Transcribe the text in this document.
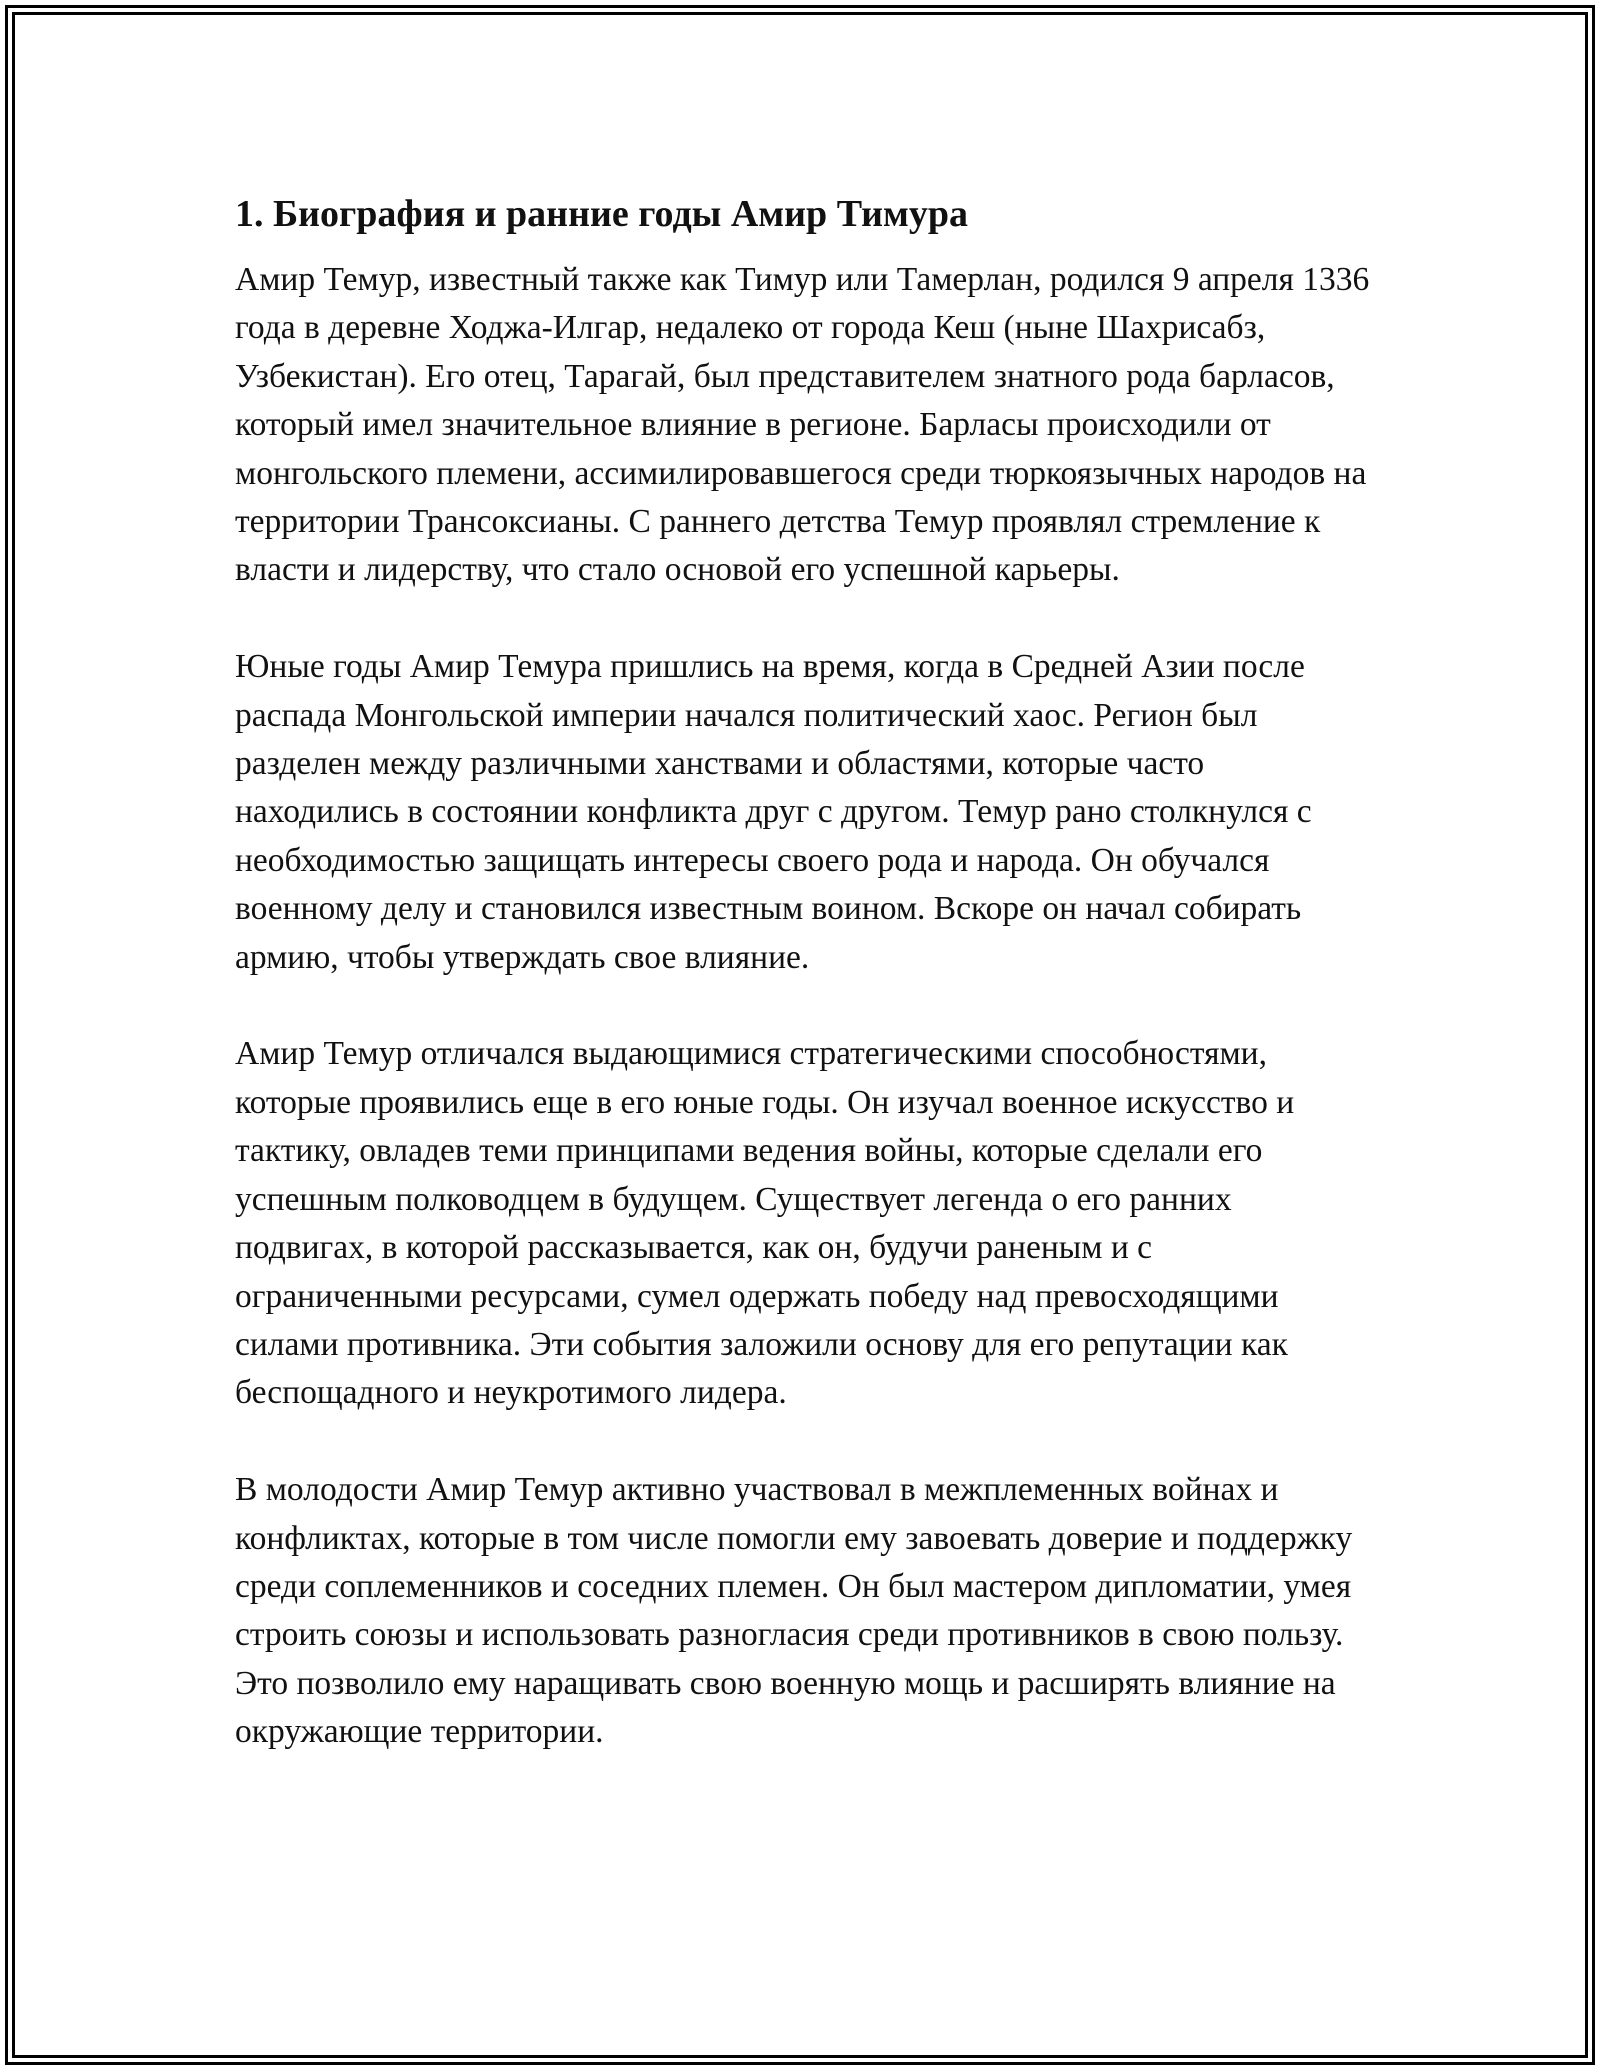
1. Биография и ранние годы Амир Тимура

Амир Темур, известный также как Тимур или Тамерлан, родился 9 апреля 1336 года в деревне Ходжа-Илгар, недалеко от города Кеш (ныне Шахрисабз, Узбекистан). Его отец, Тарагай, был представителем знатного рода барласов, который имел значительное влияние в регионе. Барласы происходили от монгольского племени, ассимилировавшегося среди тюркоязычных народов на территории Трансоксианы. С раннего детства Темур проявлял стремление к власти и лидерству, что стало основой его успешной карьеры.

Юные годы Амир Темура пришлись на время, когда в Средней Азии после распада Монгольской империи начался политический хаос. Регион был разделен между различными ханствами и областями, которые часто находились в состоянии конфликта друг с другом. Темур рано столкнулся с необходимостью защищать интересы своего рода и народа. Он обучался военному делу и становился известным воином. Вскоре он начал собирать армию, чтобы утверждать свое влияние.

Амир Темур отличался выдающимися стратегическими способностями, которые проявились еще в его юные годы. Он изучал военное искусство и тактику, овладев теми принципами ведения войны, которые сделали его успешным полководцем в будущем. Существует легенда о его ранних подвигах, в которой рассказывается, как он, будучи раненым и с ограниченными ресурсами, сумел одержать победу над превосходящими силами противника. Эти события заложили основу для его репутации как беспощадного и неукротимого лидера.

В молодости Амир Темур активно участвовал в межплеменных войнах и конфликтах, которые в том числе помогли ему завоевать доверие и поддержку среди соплеменников и соседних племен. Он был мастером дипломатии, умея строить союзы и использовать разногласия среди противников в свою пользу. Это позволило ему наращивать свою военную мощь и расширять влияние на окружающие территории.
